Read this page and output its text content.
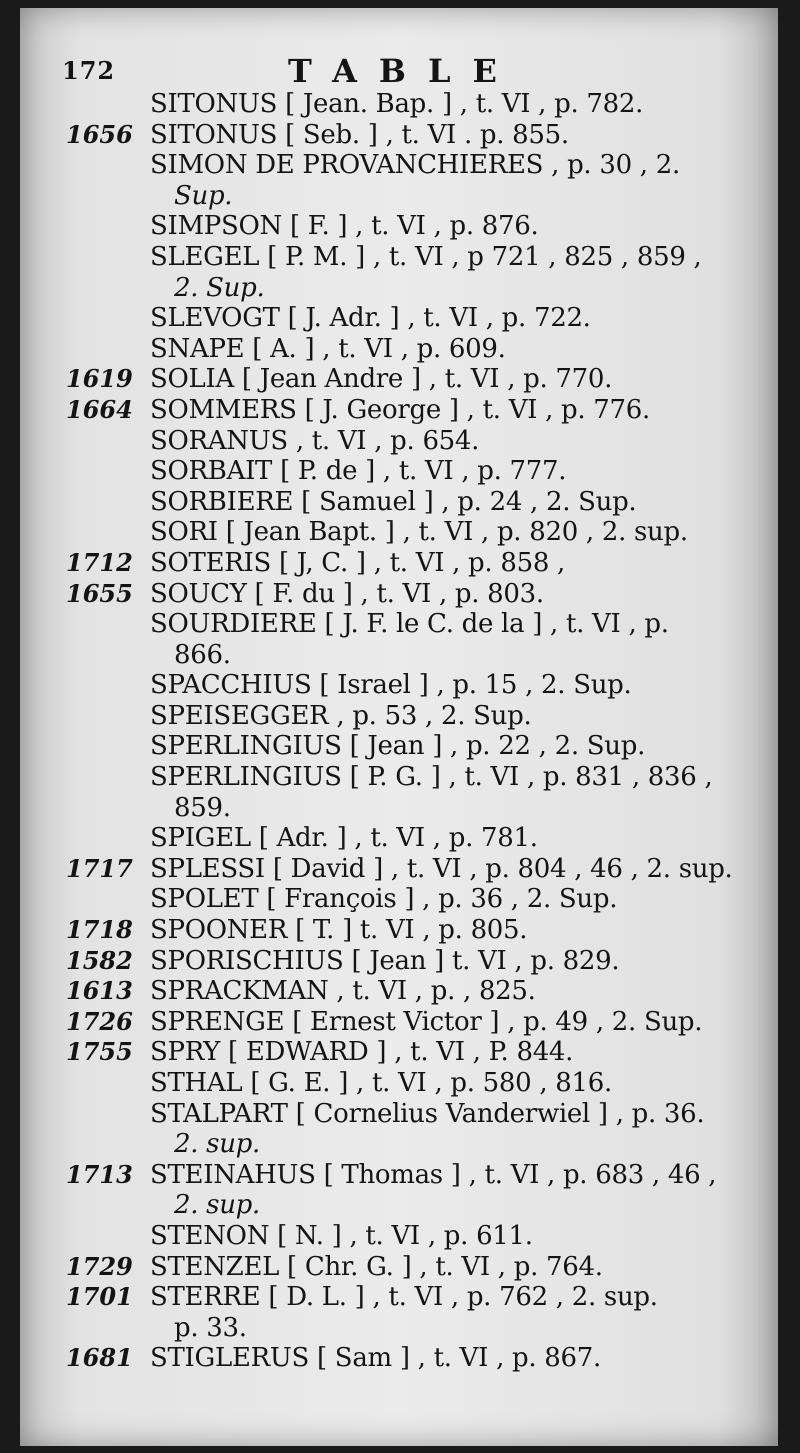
172	TABLE
SITONUS [ Jean. Bap. ] , t. VI , p. 782.
1656 SITONUS [ Seb. ] , t. VI . p. 855.
SIMON DE PROVANCHIERES , p. 30 , 2.
Sup.
SIMPSON [ F. ] , t. VI , p. 876.
SLEGEL [ P. M. ] , t. VI , p 721 , 825 , 859 ,
2. Sup.
SLEVOGT [ J. Adr. ] , t. VI , p. 722.
SNAPE [ A. ] , t. VI , p. 609.
1619 SOLIA [ Jean Andre ] , t. VI , p. 770.
1664 SOMMERS [ J. George ] , t. VI , p. 776.
SORANUS , t. VI , p. 654.
SORBAIT [ P. de ] , t. VI , p. 777.
SORBIERE [ Samuel ] , p. 24 , 2. Sup.
SORI [ Jean Bapt. ] , t. VI , p. 820 , 2. sup.
1712 SOTERIS [ J, C. ] , t. VI , p. 858 ,
1655 SOUCY [ F. du ] , t. VI , p. 803.
SOURDIERE [ J. F. le C. de la ] , t. VI , p.
866.
SPACCHIUS [ Israel ] , p. 15 , 2. Sup.
SPEISEGGER , p. 53 , 2. Sup.
SPERLINGIUS [ Jean ] , p. 22 , 2. Sup.
SPERLINGIUS [ P. G. ] , t. VI , p. 831 , 836 ,
859.
SPIGEL [ Adr. ] , t. VI , p. 781.
1717 SPLESSI [ David ] , t. VI , p. 804 , 46 , 2. sup.
SPOLET [ François ] , p. 36 , 2. Sup.
1718 SPOONER [ T. ] t. VI , p. 805.
1582 SPORISCHIUS [ Jean ] t. VI , p. 829.
1613 SPRACKMAN , t. VI , p. , 825.
1726 SPRENGE [ Ernest Victor ] , p. 49 , 2. Sup.
1755 SPRY [ EDWARD ] , t. VI , P. 844.
STHAL [ G. E. ] , t. VI , p. 580 , 816.
STALPART [ Cornelius Vanderwiel ] , p. 36.
2. sup.
1713 STEINAHUS [ Thomas ] , t. VI , p. 683 , 46 ,
2. sup.
STENON [ N. ] , t. VI , p. 611.
1729 STENZEL [ Chr. G. ] , t. VI , p. 764.
1701 STERRE [ D. L. ] , t. VI , p. 762 , 2. sup.
p. 33.
1681 STIGLERUS [ Sam ] , t. VI , p. 867.
